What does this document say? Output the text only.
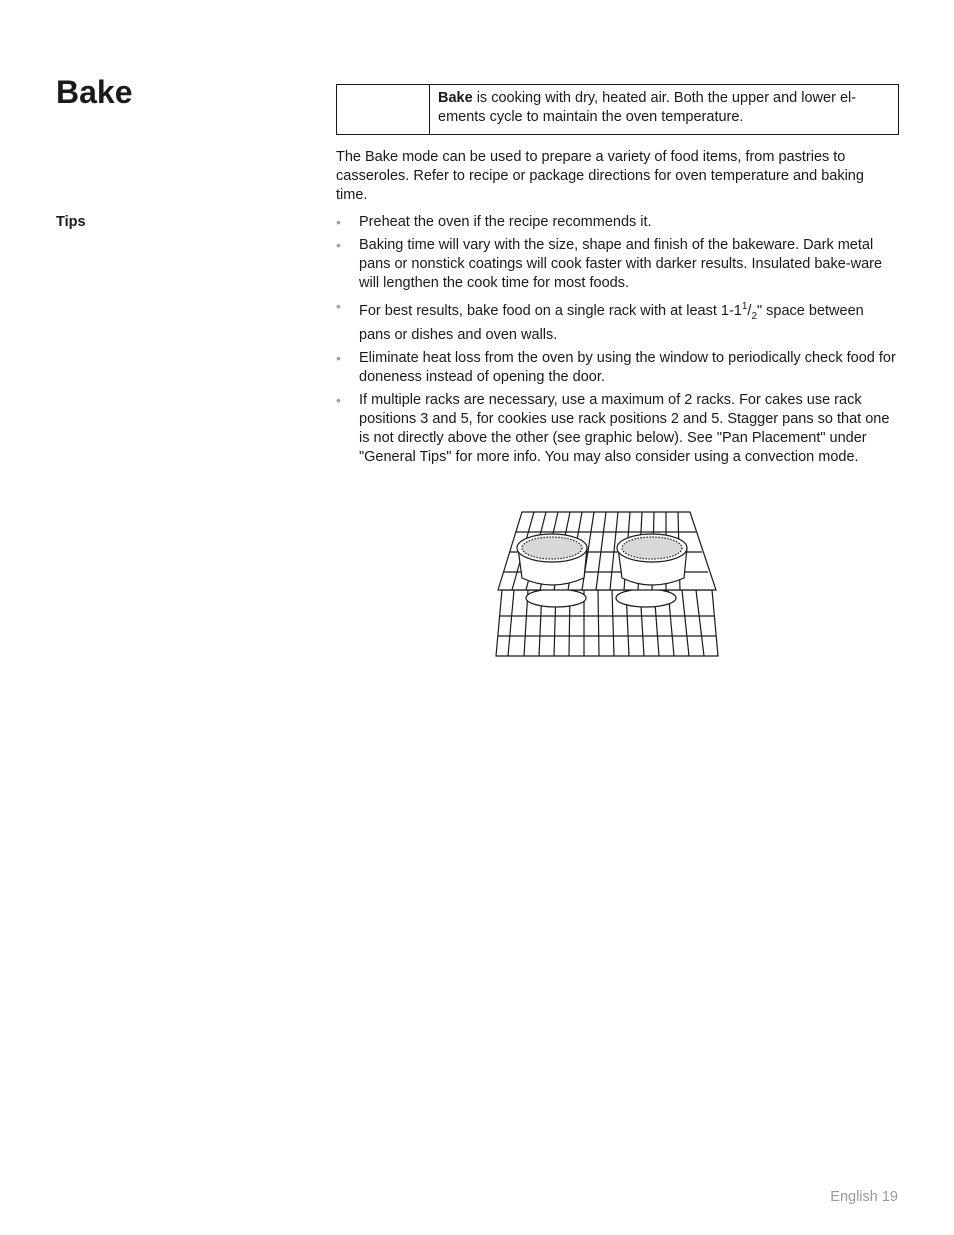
Bake	Bake is cooking with dry, heated air. Both the upper and lower el-ements cycle to maintain the oven temperature.

The Bake mode can be used to prepare a variety of food items, from pastries to casseroles. Refer to recipe or package directions for oven temperature and baking time.

Tips	• Preheat the oven if the recipe recommends it.
• Baking time will vary with the size, shape and finish of the bakeware. Dark metal pans or nonstick coatings will cook faster with darker results. Insulated bake-ware will lengthen the cook time for most foods.
• For best results, bake food on a single rack with at least $1-1^1/_2$" space between pans or dishes and oven walls.
• Eliminate heat loss from the oven by using the window to periodically check food for doneness instead of opening the door.
• If multiple racks are necessary, use a maximum of 2 racks. For cakes use rack positions 3 and 5, for cookies use rack positions 2 and 5. Stagger pans so that one is not directly above the other (see graphic below). See "Pan Placement" under "General Tips" for more info. You may also consider using a convection mode.
English 19
